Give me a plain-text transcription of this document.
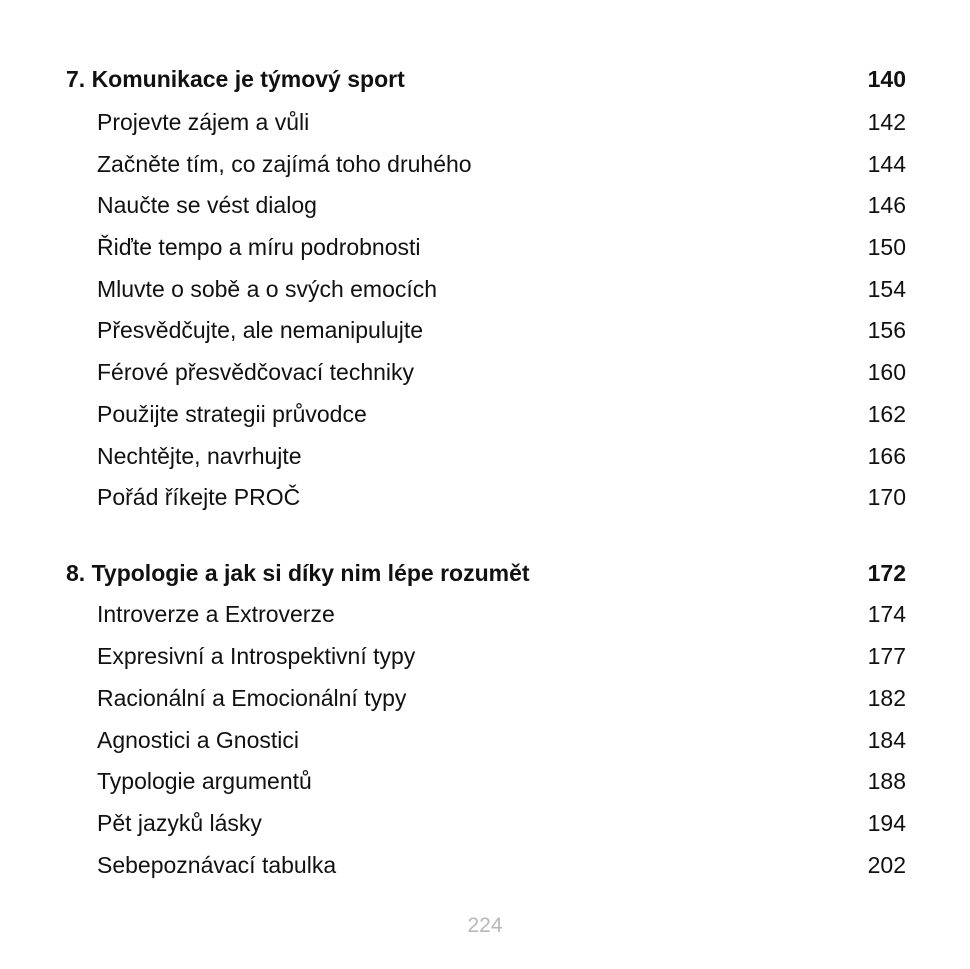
7. Komunikace je týmový sport	140
Projevte zájem a vůli	142
Začněte tím, co zajímá toho druhého	144
Naučte se vést dialog	146
Řiďte tempo a míru podrobnosti	150
Mluvte o sobě a o svých emocích	154
Přesvědčujte, ale nemanipulujte	156
Férové přesvědčovací techniky	160
Použijte strategii průvodce	162
Nechtějte, navrhujte	166
Pořád říkejte PROČ	170
8. Typologie a jak si díky nim lépe rozumět	172
Introverze a Extroverze	174
Expresivní a Introspektivní typy	177
Racionální a Emocionální typy	182
Agnostici a Gnostici	184
Typologie argumentů	188
Pět jazyků lásky	194
Sebepoznávací tabulka	202
224
